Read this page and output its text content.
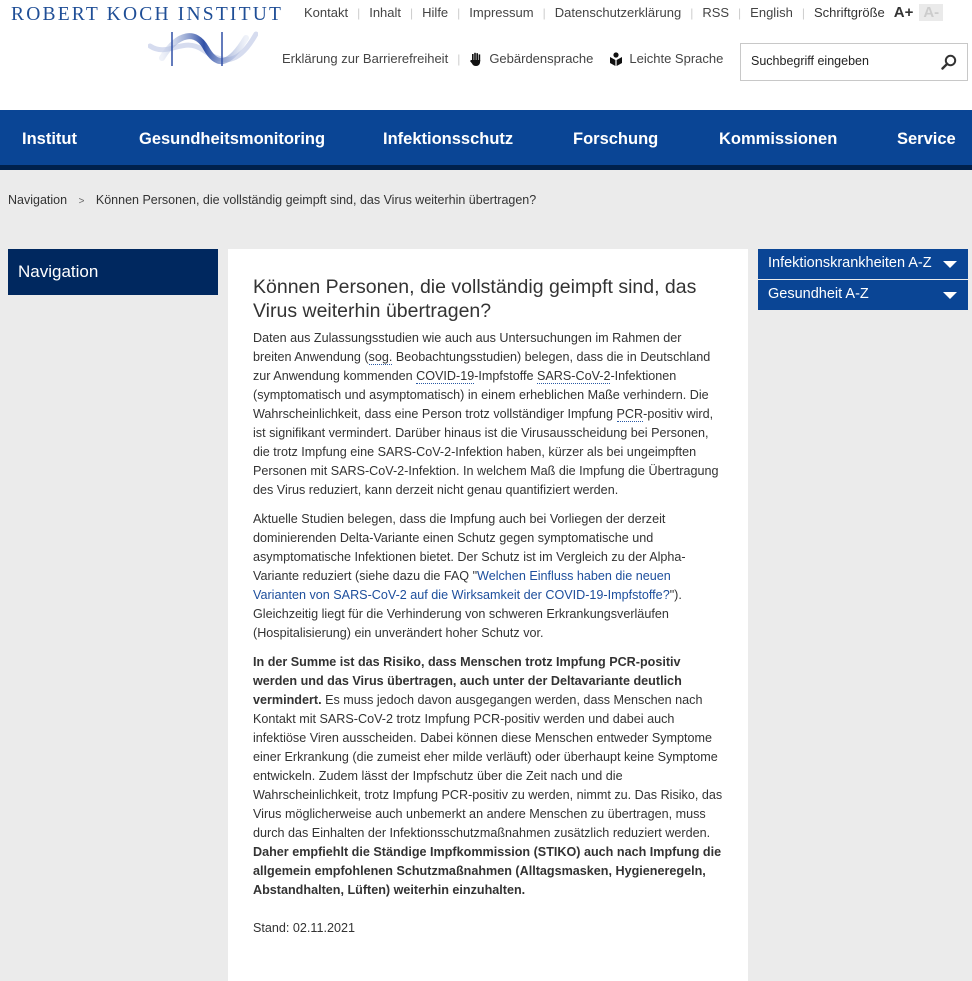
ROBERT KOCH INSTITUT Kontakt | Inhalt | Hilfe | Impressum | Datenschutzerklärung | RSS | English | Schriftgröße A+ A-
Erklärung zur Barrierefreiheit | Gebärdensprache	Leichte Sprache
Suchbegriff eingeben
Institut	Gesundheitsmonitoring	Infektionsschutz	Forschung	Kommissionen	Service
Navigation > Können Personen, die vollständig geimpft sind, das Virus weiterhin übertragen?
Navigation
Können Personen, die vollständig geimpft sind, das Virus weiterhin übertragen?

Daten aus Zulassungsstudien wie auch aus Untersuchungen im Rahmen der breiten Anwendung (sog. Beobachtungsstudien) belegen, dass die in Deutschland zur Anwendung kommenden COVID-19-Impfstoffe SARS-CoV-2-Infektionen (symptomatisch und asymptomatisch) in einem erheblichen Maße verhindern. Die Wahrscheinlichkeit, dass eine Person trotz vollständiger Impfung PCR-positiv wird, ist signifikant vermindert. Darüber hinaus ist die Virusausscheidung bei Personen, die trotz Impfung eine SARS-CoV-2-Infektion haben, kürzer als bei ungeimpften Personen mit SARS-CoV-2-Infektion. In welchem Maß die Impfung die Übertragung des Virus reduziert, kann derzeit nicht genau quantifiziert werden.

Aktuelle Studien belegen, dass die Impfung auch bei Vorliegen der derzeit dominierenden Delta-Variante einen Schutz gegen symptomatische und asymptomatische Infektionen bietet. Der Schutz ist im Vergleich zu der Alpha-Variante reduziert (siehe dazu die FAQ "Welchen Einfluss haben die neuen Varianten von SARS-CoV-2 auf die Wirksamkeit der COVID-19-Impfstoffe?"). Gleichzeitig liegt für die Verhinderung von schweren Erkrankungsverläufen (Hospitalisierung) ein unverändert hoher Schutz vor.

In der Summe ist das Risiko, dass Menschen trotz Impfung PCR-positiv werden und das Virus übertragen, auch unter der Deltavariante deutlich vermindert. Es muss jedoch davon ausgegangen werden, dass Menschen nach Kontakt mit SARS-CoV-2 trotz Impfung PCR-positiv werden und dabei auch infektiöse Viren ausscheiden. Dabei können diese Menschen entweder Symptome einer Erkrankung (die zumeist eher milde verläuft) oder überhaupt keine Symptome entwickeln. Zudem lässt der Impfschutz über die Zeit nach und die Wahrscheinlichkeit, trotz Impfung PCR-positiv zu werden, nimmt zu. Das Risiko, das Virus möglicherweise auch unbemerkt an andere Menschen zu übertragen, muss durch das Einhalten der Infektionsschutzmaßnahmen zusätzlich reduziert werden. Daher empfiehlt die Ständige Impfkommission (STIKO) auch nach Impfung die allgemein empfohlenen Schutzmaßnahmen (Alltagsmasken, Hygieneregeln, Abstandhalten, Lüften) weiterhin einzuhalten.

Stand: 02.11.2021

Infektionskrankheiten A-Z
Gesundheit A-Z
